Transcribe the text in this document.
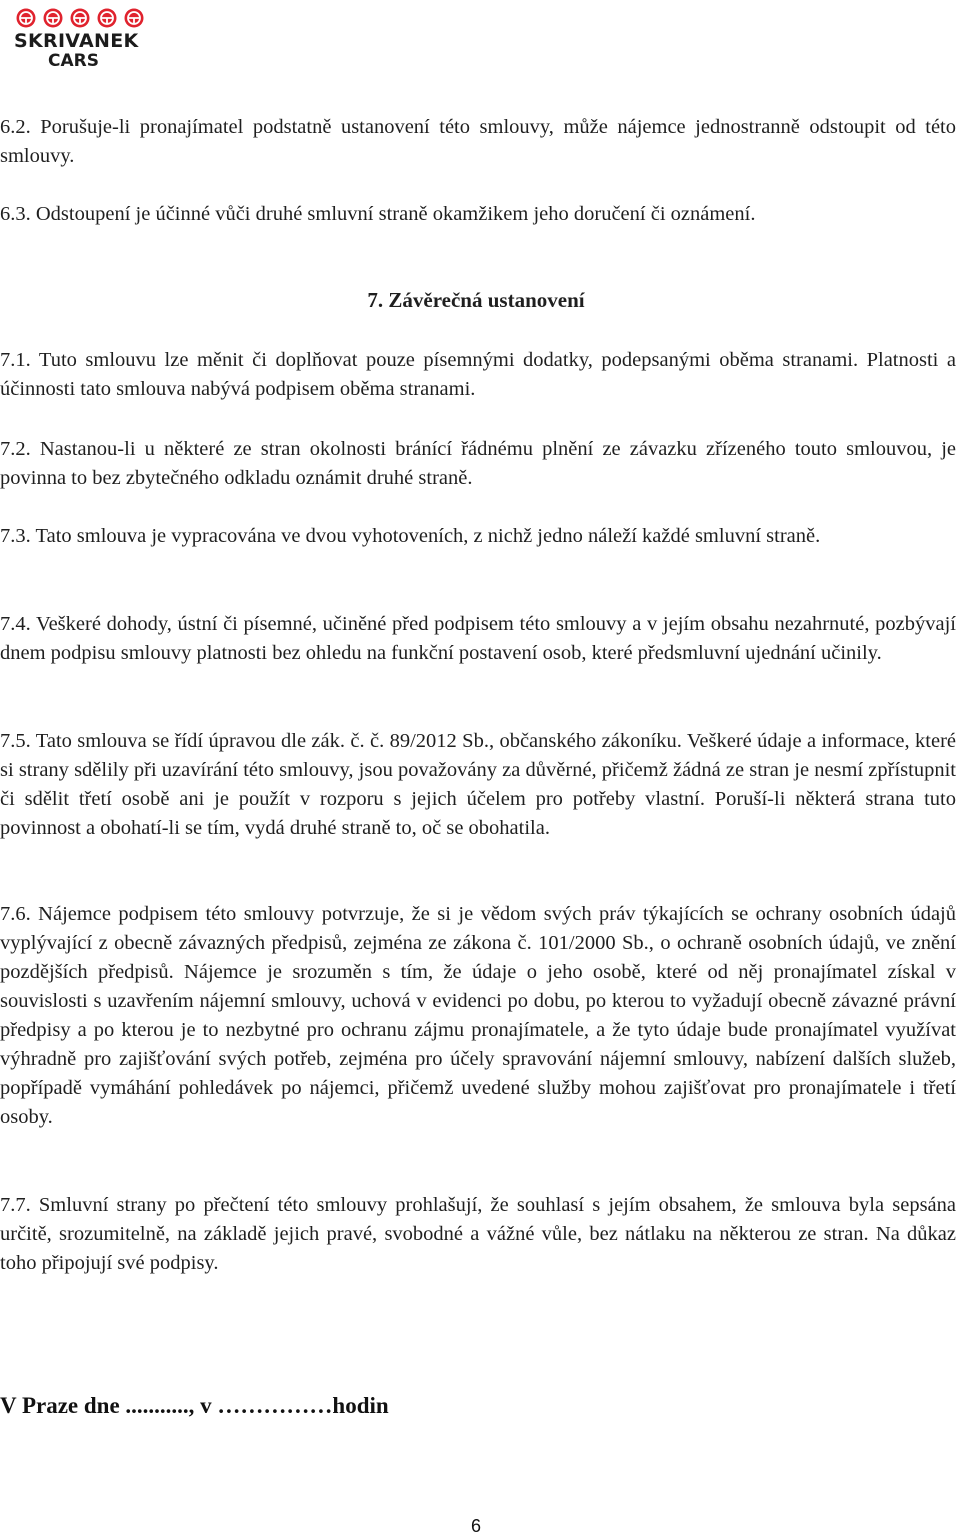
SKRIVANEK
CARS

6.2. Porušuje-li pronajímatel podstatně ustanovení této smlouvy, může nájemce jednostranně odstoupit od této smlouvy.

6.3. Odstoupení je účinné vůči druhé smluvní straně okamžikem jeho doručení či oznámení.

7. Závěrečná ustanovení

7.1. Tuto smlouvu lze měnit či doplňovat pouze písemnými dodatky, podepsanými oběma stranami. Platnosti a účinnosti tato smlouva nabývá podpisem oběma stranami.

7.2. Nastanou-li u některé ze stran okolnosti bránící řádnému plnění ze závazku zřízeného touto smlouvou, je povinna to bez zbytečného odkladu oznámit druhé straně.

7.3. Tato smlouva je vypracována ve dvou vyhotoveních, z nichž jedno náleží každé smluvní straně.

7.4. Veškeré dohody, ústní či písemné, učiněné před podpisem této smlouvy a v jejím obsahu nezahrnuté, pozbývají dnem podpisu smlouvy platnosti bez ohledu na funkční postavení osob, které předsmluvní ujednání učinily.

7.5. Tato smlouva se řídí úpravou dle zák. č. č. 89/2012 Sb., občanského zákoníku. Veškeré údaje a informace, které si strany sdělily při uzavírání této smlouvy, jsou považovány za důvěrné, přičemž žádná ze stran je nesmí zpřístupnit či sdělit třetí osobě ani je použít v rozporu s jejich účelem pro potřeby vlastní. Poruší-li některá strana tuto povinnost a obohatí-li se tím, vydá druhé straně to, oč se obohatila.

7.6. Nájemce podpisem této smlouvy potvrzuje, že si je vědom svých práv týkajících se ochrany osobních údajů vyplývající z obecně závazných předpisů, zejména ze zákona č. 101/2000 Sb., o ochraně osobních údajů, ve znění pozdějších předpisů. Nájemce je srozuměn s tím, že údaje o jeho osobě, které od něj pronajímatel získal v souvislosti s uzavřením nájemní smlouvy, uchová v evidenci po dobu, po kterou to vyžadují obecně závazné právní předpisy a po kterou je to nezbytné pro ochranu zájmu pronajímatele, a že tyto údaje bude pronajímatel využívat výhradně pro zajišťování svých potřeb, zejména pro účely spravování nájemní smlouvy, nabízení dalších služeb, popřípadě vymáhání pohledávek po nájemci, přičemž uvedené služby mohou zajišťovat pro pronajímatele i třetí osoby.

7.7. Smluvní strany po přečtení této smlouvy prohlašují, že souhlasí s jejím obsahem, že smlouva byla sepsána určitě, srozumitelně, na základě jejich pravé, svobodné a vážné vůle, bez nátlaku na některou ze stran. Na důkaz toho připojují své podpisy.

V Praze dne ..........., v ……………hodin

6
